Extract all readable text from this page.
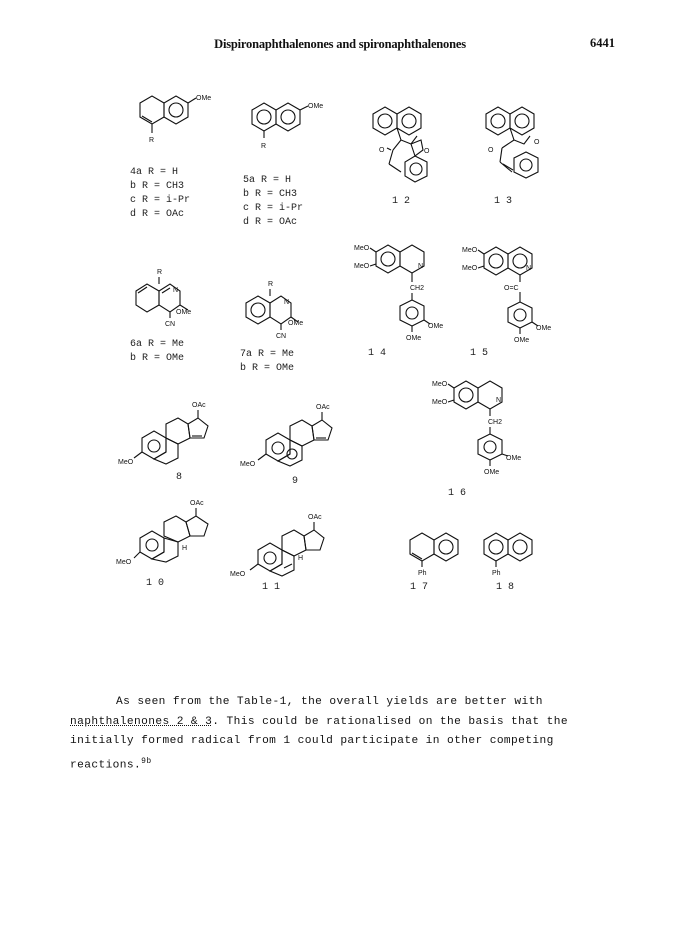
Dispironaphthalenones and spironaphthalenones	6441
OMe
R
4a R = H
b R = CH3
c R = i-Pr
d R = OAc
OMe
R
5a R = H
b R = CH3
c R = i-Pr
d R = OAc
O
O
1 2
O
O
1 3
R
N
OMe
CN
6a R = Me
b R = OMe
R
N
OMe
CN
7a R = Me
b R = OMe
MeO
MeO	N
CH2
OMe
OMe
1 4
MeO
MeO	N
O=C
OMe
OMe
1 5
OAc
MeO
8
OAc
MeO
9
MeO
MeO	N
CH2
OMe
OMe
1 6
OAc
H
MeO
1 0
OAc
H
MeO
1 1
Ph
1 7
Ph
1 8

As seen from the Table-1, the overall yields are better with

naphthalenones 2 & 3. This could be rationalised on the basis that the

initially formed radical from 1 could participate in other competing

reactions.$^{9b}$
